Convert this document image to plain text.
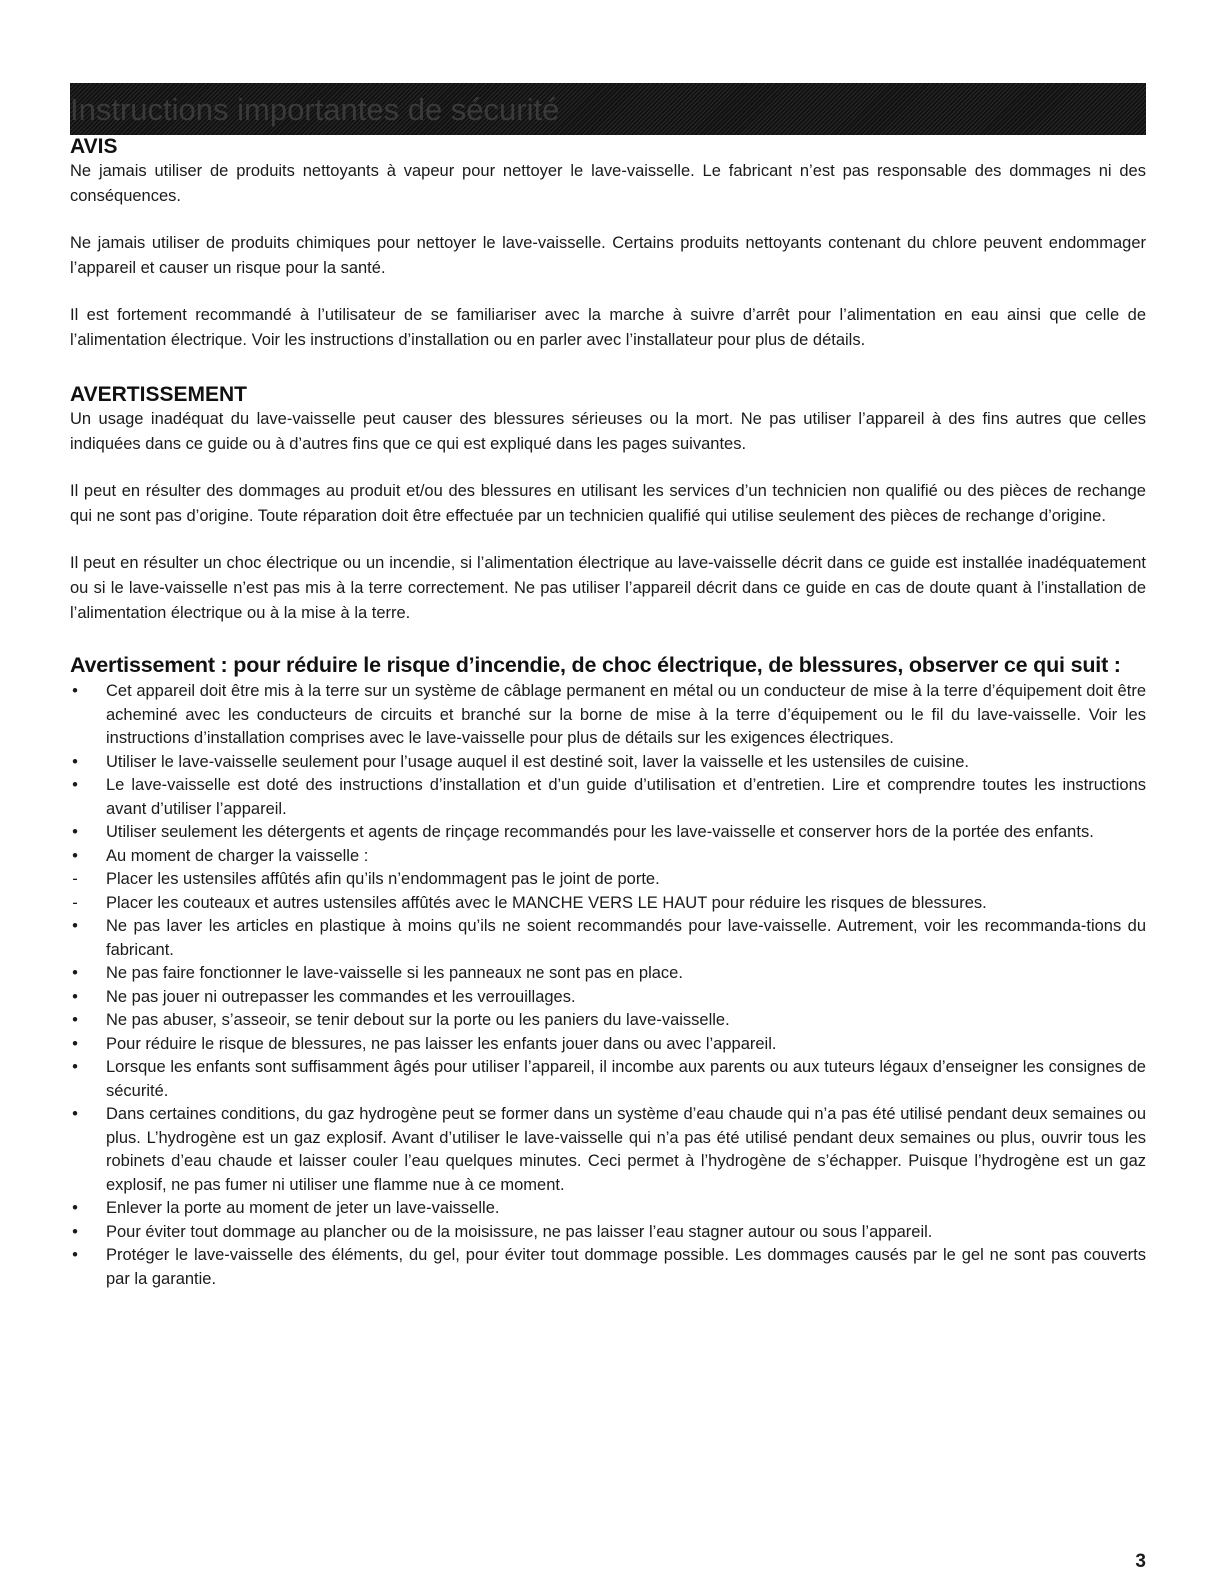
Instructions importantes de sécurité
AVIS

Ne jamais utiliser de produits nettoyants à vapeur pour nettoyer le lave-vaisselle. Le fabricant n’est pas responsable des dommages ni des conséquences.

Ne jamais utiliser de produits chimiques pour nettoyer le lave-vaisselle. Certains produits nettoyants contenant du chlore peuvent endommager l’appareil et causer un risque pour la santé.

Il est fortement recommandé à l’utilisateur de se familiariser avec la marche à suivre d’arrêt pour l’alimentation en eau ainsi que celle de l’alimentation électrique. Voir les instructions d’installation ou en parler avec l’installateur pour plus de détails.

AVERTISSEMENT

Un usage inadéquat du lave-vaisselle peut causer des blessures sérieuses ou la mort. Ne pas utiliser l’appareil à des fins autres que celles indiquées dans ce guide ou à d’autres fins que ce qui est expliqué dans les pages suivantes.

Il peut en résulter des dommages au produit et/ou des blessures en utilisant les services d’un technicien non qualifié ou des pièces de rechange qui ne sont pas d’origine. Toute réparation doit être effectuée par un technicien qualifié qui utilise seulement des pièces de rechange d’origine.

Il peut en résulter un choc électrique ou un incendie, si l’alimentation électrique au lave-vaisselle décrit dans ce guide est installée inadéquatement ou si le lave-vaisselle n’est pas mis à la terre correctement. Ne pas utiliser l’appareil décrit dans ce guide en cas de doute quant à l’installation de l’alimentation électrique ou à la mise à la terre.

Avertissement : pour réduire le risque d’incendie, de choc électrique, de blessures, observer ce qui suit :
• Cet appareil doit être mis à la terre sur un système de câblage permanent en métal ou un conducteur de mise à la terre d’équipement doit être acheminé avec les conducteurs de circuits et branché sur la borne de mise à la terre d’équipement ou le fil du lave-vaisselle. Voir les instructions d’installation comprises avec le lave-vaisselle pour plus de détails sur les exigences électriques.
• Utiliser le lave-vaisselle seulement pour l’usage auquel il est destiné soit, laver la vaisselle et les ustensiles de cuisine.
• Le lave-vaisselle est doté des instructions d’installation et d’un guide d’utilisation et d’entretien. Lire et comprendre toutes les instructions avant d’utiliser l’appareil.
• Utiliser seulement les détergents et agents de rinçage recommandés pour les lave-vaisselle et conserver hors de la portée des enfants.
• Au moment de charger la vaisselle :
- Placer les ustensiles affûtés afin qu’ils n’endommagent pas le joint de porte.
- Placer les couteaux et autres ustensiles affûtés avec le MANCHE VERS LE HAUT pour réduire les risques de blessures.
• Ne pas laver les articles en plastique à moins qu’ils ne soient recommandés pour lave-vaisselle. Autrement, voir les recommanda-tions du fabricant.
• Ne pas faire fonctionner le lave-vaisselle si les panneaux ne sont pas en place.
• Ne pas jouer ni outrepasser les commandes et les verrouillages.
• Ne pas abuser, s’asseoir, se tenir debout sur la porte ou les paniers du lave-vaisselle.
• Pour réduire le risque de blessures, ne pas laisser les enfants jouer dans ou avec l’appareil.
• Lorsque les enfants sont suffisamment âgés pour utiliser l’appareil, il incombe aux parents ou aux tuteurs légaux d’enseigner les consignes de sécurité.
• Dans certaines conditions, du gaz hydrogène peut se former dans un système d’eau chaude qui n’a pas été utilisé pendant deux semaines ou plus. L’hydrogène est un gaz explosif. Avant d’utiliser le lave-vaisselle qui n’a pas été utilisé pendant deux semaines ou plus, ouvrir tous les robinets d’eau chaude et laisser couler l’eau quelques minutes. Ceci permet à l’hydrogène de s’échapper. Puisque l’hydrogène est un gaz explosif, ne pas fumer ni utiliser une flamme nue à ce moment.
• Enlever la porte au moment de jeter un lave-vaisselle.
• Pour éviter tout dommage au plancher ou de la moisissure, ne pas laisser l’eau stagner autour ou sous l’appareil.
• Protéger le lave-vaisselle des éléments, du gel, pour éviter tout dommage possible. Les dommages causés par le gel ne sont pas couverts par la garantie.
3
